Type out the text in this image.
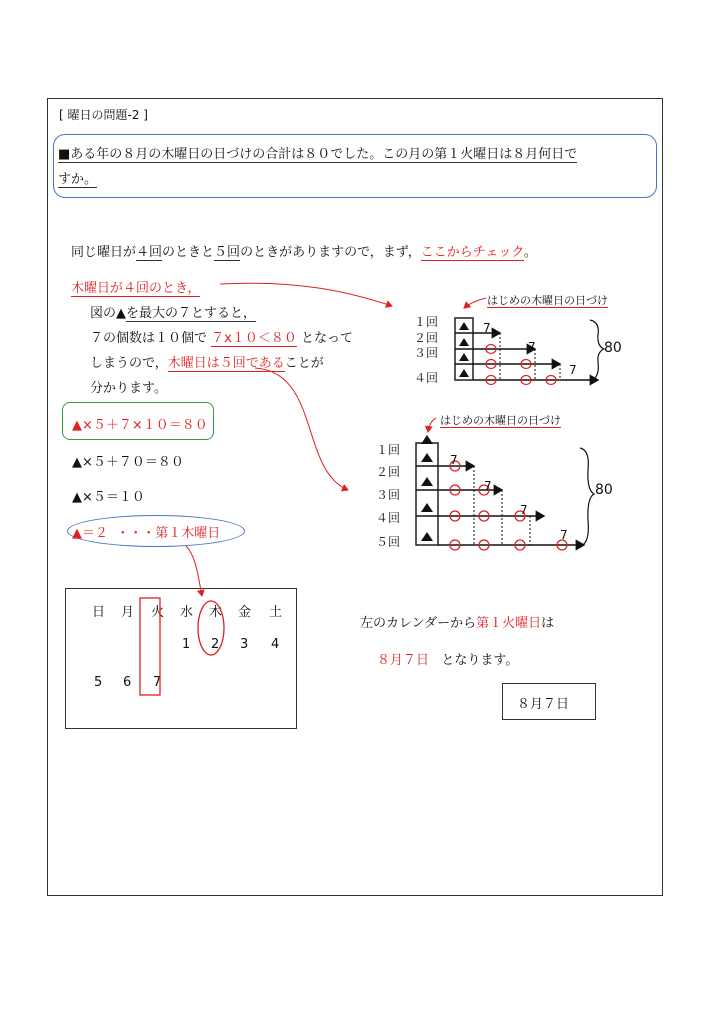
[ 曜日の問題-2 ]
■ある年の８月の木曜日の日づけの合計は８０でした。この月の第１火曜日は８月何日で
すか。
同じ曜日が４回のときと５回のときがありますので，まず，ここからチェック。
木曜日が４回のとき，
図の▲を最大の７とすると，
７の個数は１０個で ７x１０＜８０ となって
しまうので，木曜日は５回であることが
分かります。
▲×５＋７×１０＝８０
▲×５＋７０＝８０
▲×５＝１０
▲＝２ ・・・第１木曜日
日 月 火 水 木 金 土
1 2 3 4
5 6 7
左のカレンダーから第１火曜日は
８月７日 となります。
８月７日
はじめの木曜日の日づけ
はじめの木曜日の日づけ
１回
２回
３回
４回
１回
２回
３回
４回
５回
7
7
7
80
7
7
7
7
80
